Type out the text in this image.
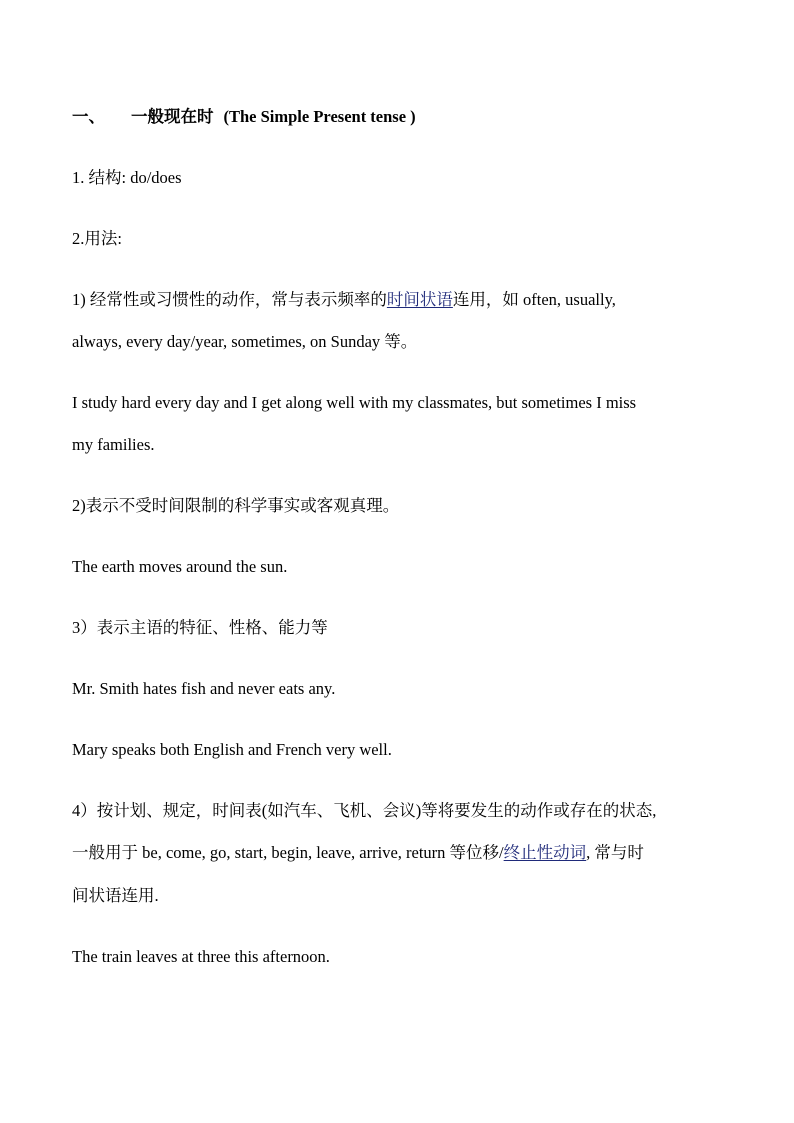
一、 一般现在时 (The Simple Present tense )
1. 结构: do/does
2.用法:
1) 经常性或习惯性的动作，常与表示频率的时间状语连用，如 often, usually,
always, every day/year, sometimes, on Sunday 等。
I study hard every day and I get along well with my classmates, but sometimes I miss
my families.
2)表示不受时间限制的科学事实或客观真理。
The earth moves around the sun.
3）表示主语的特征、性格、能力等
Mr. Smith hates fish and never eats any.
Mary speaks both English and French very well.
4）按计划、规定，时间表(如汽车、飞机、会议)等将要发生的动作或存在的状态,
一般用于 be, come, go, start, begin, leave, arrive, return 等位移/终止性动词, 常与时
间状语连用.
The train leaves at three this afternoon.
